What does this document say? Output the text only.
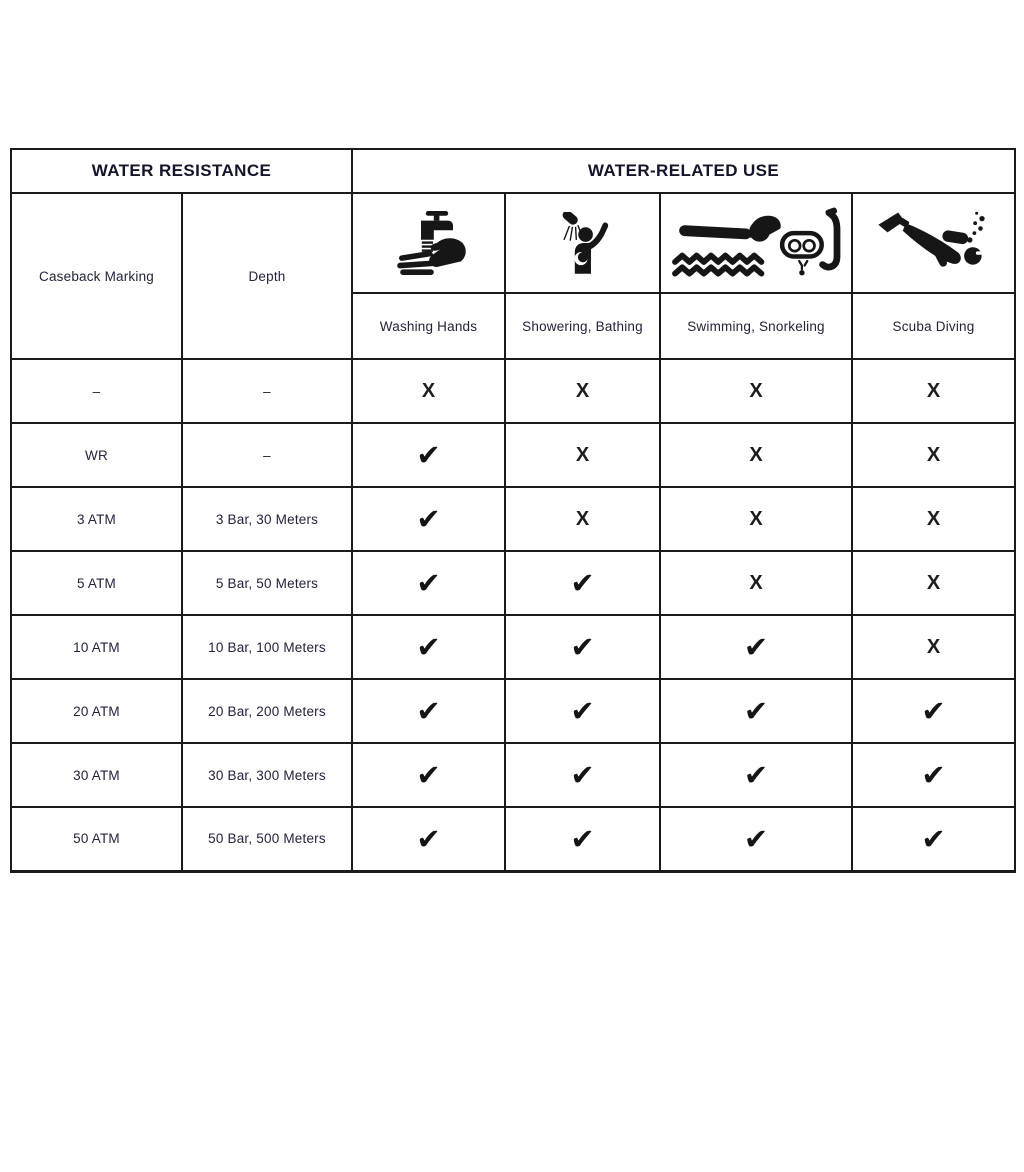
WATER RESISTANCE		WATER-RELATED USE			
Caseback Marking	Depth	

		Washing Hands	Showering, Bathing	Swimming, Snorkeling	Scuba Diving
–	–	X	X	X	X
WR	–	✔	X	X	X
3 ATM	3 Bar, 30 Meters	✔	X	X	X
5 ATM	5 Bar, 50 Meters	✔	✔	X	X
10 ATM	10 Bar, 100 Meters	✔	✔	✔	X
20 ATM	20 Bar, 200 Meters	✔	✔	✔	✔
30 ATM	30 Bar, 300 Meters	✔	✔	✔	✔
50 ATM	50 Bar, 500 Meters	✔	✔	✔	✔
